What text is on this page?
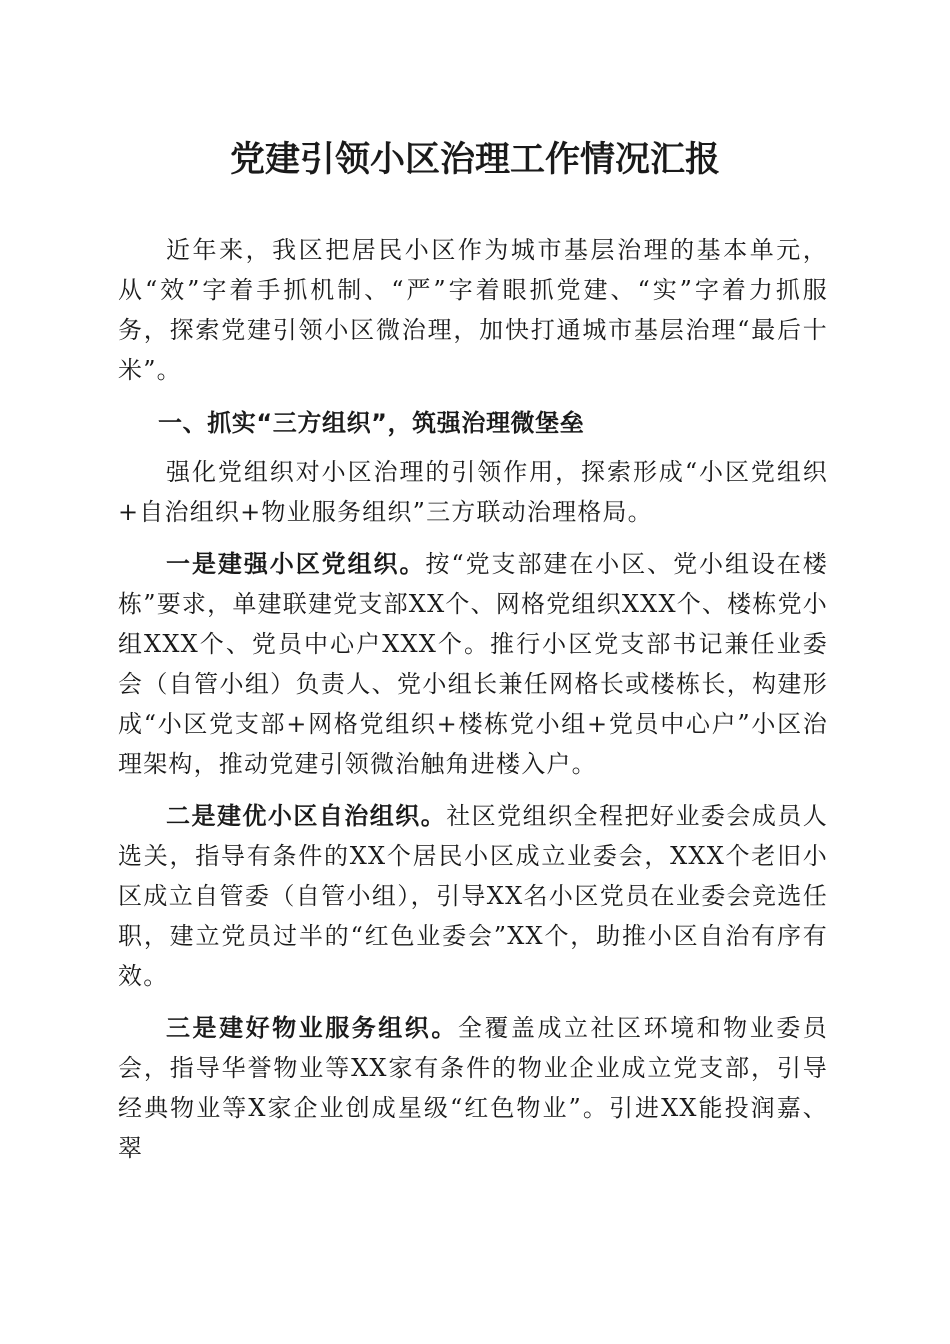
党建引领小区治理工作情况汇报

近年来，我区把居民小区作为城市基层治理的基本单元，从“效”字着手抓机制、“严”字着眼抓党建、“实”字着力抓服务，探索党建引领小区微治理，加快打通城市基层治理“最后十米”。

一、抓实“三方组织”，筑强治理微堡垒

强化党组织对小区治理的引领作用，探索形成“小区党组织+自治组织+物业服务组织”三方联动治理格局。

一是建强小区党组织。按“党支部建在小区、党小组设在楼栋”要求，单建联建党支部XX个、网格党组织XXX个、楼栋党小组XXX个、党员中心户XXX个。推行小区党支部书记兼任业委会（自管小组）负责人、党小组长兼任网格长或楼栋长，构建形成“小区党支部+网格党组织+楼栋党小组+党员中心户”小区治理架构，推动党建引领微治触角进楼入户。

二是建优小区自治组织。社区党组织全程把好业委会成员人选关，指导有条件的XX个居民小区成立业委会，XXX个老旧小区成立自管委（自管小组），引导XX名小区党员在业委会竞选任职，建立党员过半的“红色业委会”XX个，助推小区自治有序有效。

三是建好物业服务组织。全覆盖成立社区环境和物业委员会，指导华誉物业等XX家有条件的物业企业成立党支部，引导经典物业等X家企业创成星级“红色物业”。引进XX能投润嘉、翠
